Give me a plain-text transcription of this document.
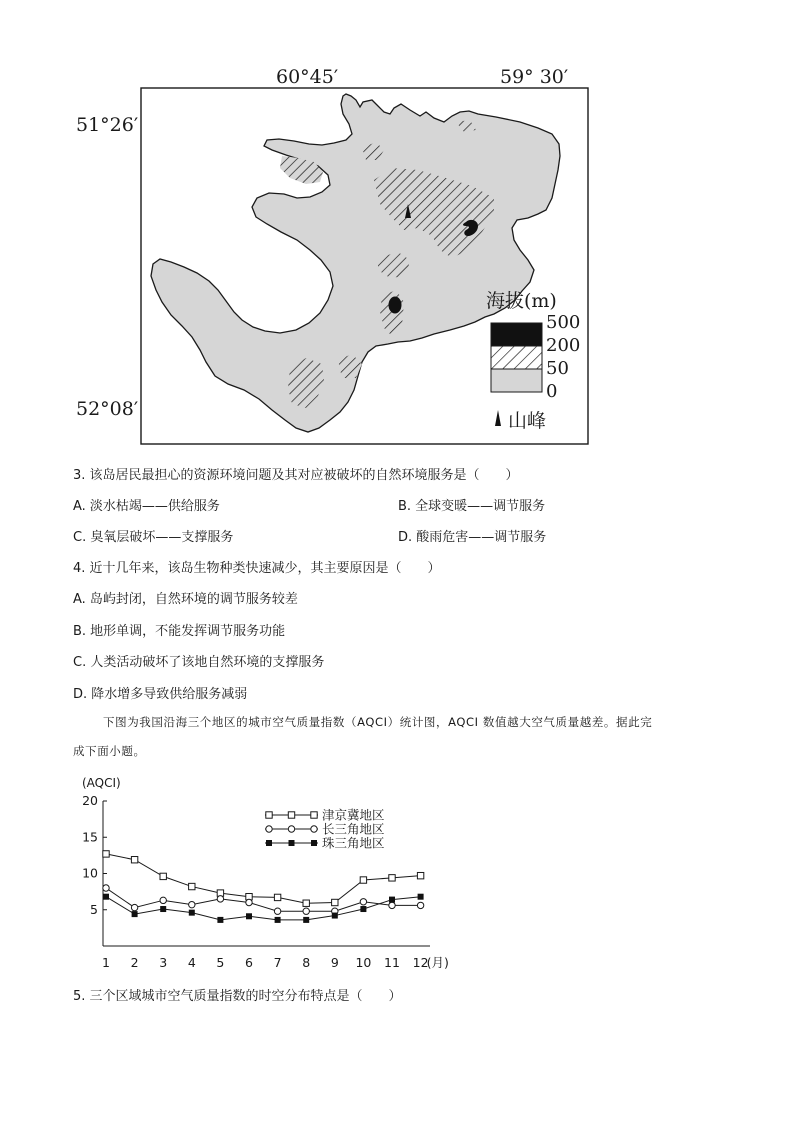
60°45′	59° 30′
51°26′
52°08′
海拔(m)
500
200
50
0
山峰
3. 该岛居民最担心的资源环境问题及其对应被破坏的自然环境服务是（　　）
A. 淡水枯竭——供给服务	B. 全球变暖——调节服务
C. 臭氧层破坏——支撑服务	D. 酸雨危害——调节服务
4. 近十几年来，该岛生物种类快速减少，其主要原因是（　　）
A. 岛屿封闭，自然环境的调节服务较差
B. 地形单调，不能发挥调节服务功能
C. 人类活动破坏了该地自然环境的支撑服务
D. 降水增多导致供给服务减弱
下图为我国沿海三个地区的城市空气质量指数（AQCI）统计图，AQCI 数值越大空气质量越差。据此完
成下面小题。
5
10
15
20
1 2 3 4 5 6 7 8 9 10 11 12
(月)
津京冀地区
长三角地区
珠三角地区
(AQCI)
5. 三个区域城市空气质量指数的时空分布特点是（　　）
